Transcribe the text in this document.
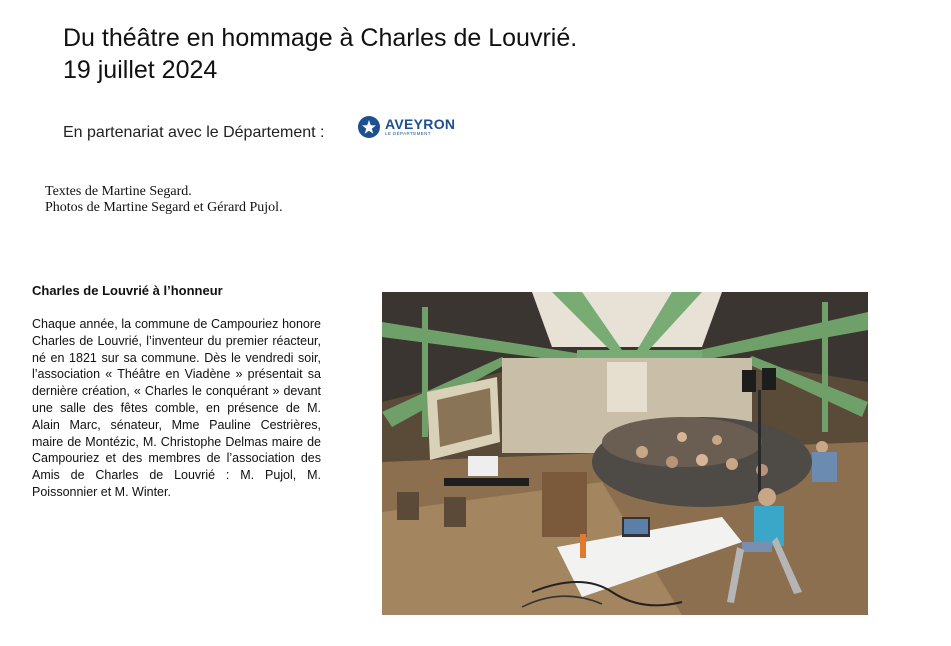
Du théâtre en hommage à Charles de Louvrié.
19 juillet 2024
En partenariat avec le Département :	AVEYRON
LE DÉPARTEMENT
Textes de Martine Segard.
Photos de Martine Segard et Gérard Pujol.
Charles de Louvrié à l’honneur
Chaque année, la commune de Campouriez honore Charles de Louvrié, l’inventeur du premier réacteur, né en 1821 sur sa commune. Dès le vendredi soir, l’association « Théâtre en Viadène » présentait sa dernière création, « Charles le conquérant » devant une salle des fêtes comble, en présence de M. Alain Marc, sénateur, Mme Pauline Cestrières, maire de Montézic, M. Christophe Delmas maire de Campouriez et des membres de l’association des Amis de Charles de Louvrié : M. Pujol, M. Poissonnier et M. Winter.
